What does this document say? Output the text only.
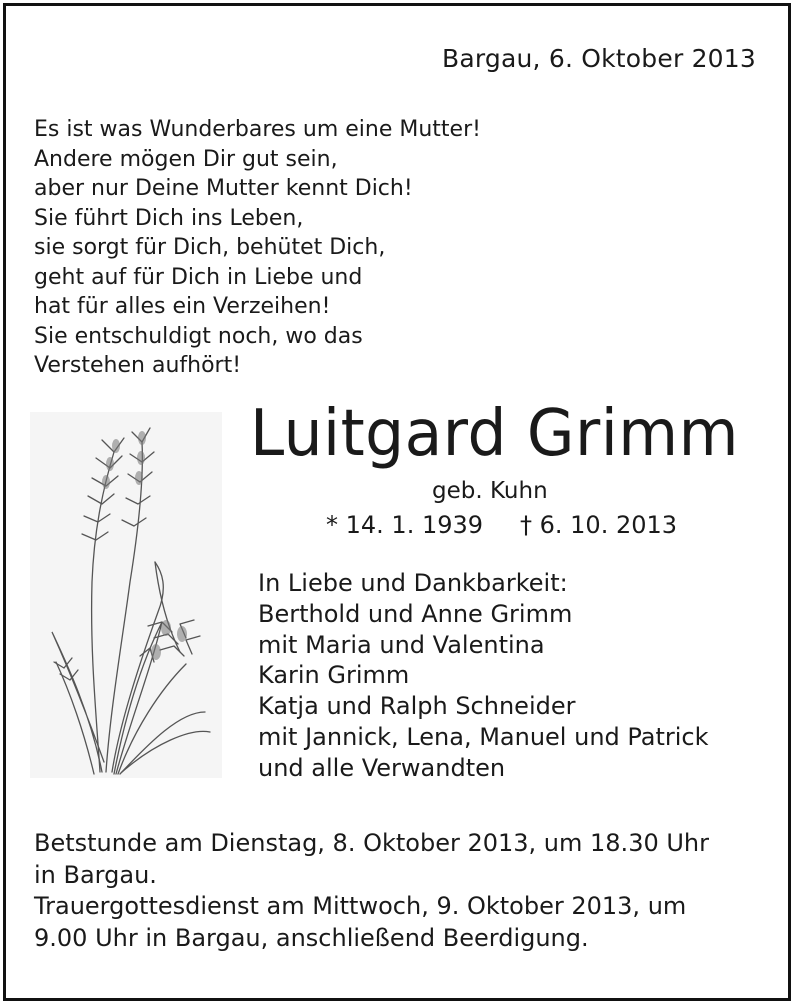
Bargau, 6. Oktober 2013
Es ist was Wunderbares um eine Mutter!
Andere mögen Dir gut sein,
aber nur Deine Mutter kennt Dich!
Sie führt Dich ins Leben,
sie sorgt für Dich, behütet Dich,
geht auf für Dich in Liebe und
hat für alles ein Verzeihen!
Sie entschuldigt noch, wo das
Verstehen aufhört!
Luitgard Grimm
geb. Kuhn
* 14. 1. 1939 † 6. 10. 2013
In Liebe und Dankbarkeit:
Berthold und Anne Grimm
mit Maria und Valentina
Karin Grimm
Katja und Ralph Schneider
mit Jannick, Lena, Manuel und Patrick
und alle Verwandten
Betstunde am Dienstag, 8. Oktober 2013, um 18.30 Uhr
in Bargau.
Trauergottesdienst am Mittwoch, 9. Oktober 2013, um
9.00 Uhr in Bargau, anschließend Beerdigung.
